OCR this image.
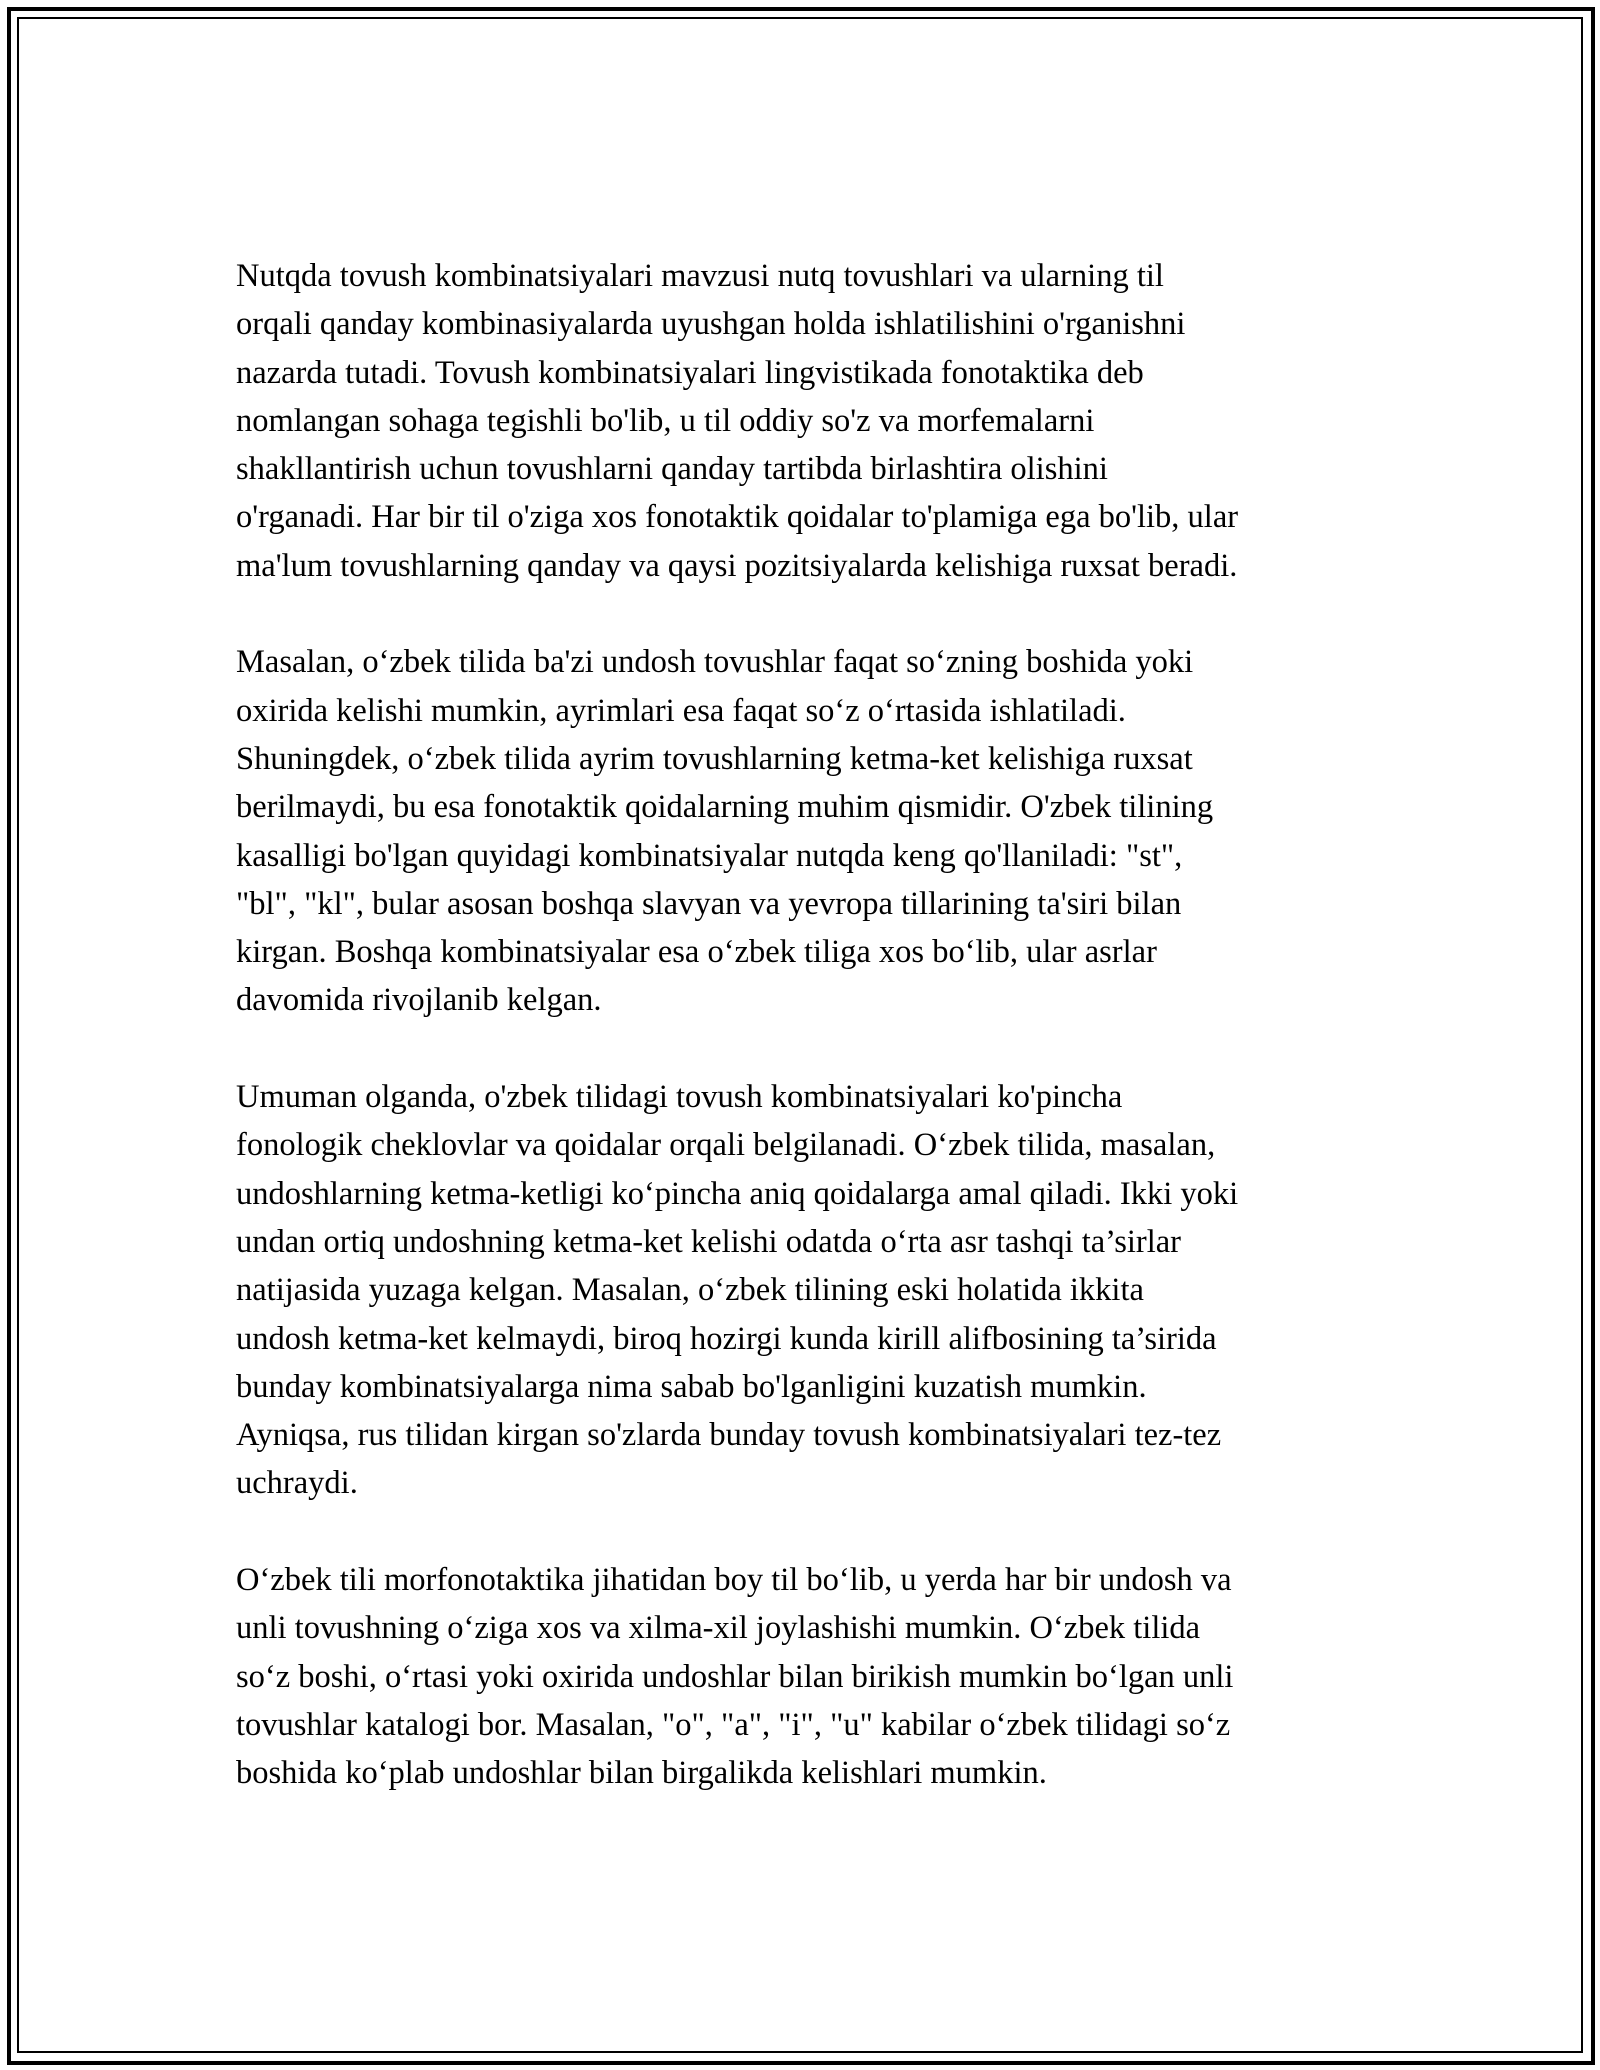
Nutqda tovush kombinatsiyalari mavzusi nutq tovushlari va ularning til
orqali qanday kombinasiyalarda uyushgan holda ishlatilishini o'rganishni
nazarda tutadi. Tovush kombinatsiyalari lingvistikada fonotaktika deb
nomlangan sohaga tegishli bo'lib, u til oddiy so'z va morfemalarni
shakllantirish uchun tovushlarni qanday tartibda birlashtira olishini
o'rganadi. Har bir til o'ziga xos fonotaktik qoidalar to'plamiga ega bo'lib, ular
ma'lum tovushlarning qanday va qaysi pozitsiyalarda kelishiga ruxsat beradi.

Masalan, o‘zbek tilida ba'zi undosh tovushlar faqat so‘zning boshida yoki
oxirida kelishi mumkin, ayrimlari esa faqat so‘z o‘rtasida ishlatiladi.
Shuningdek, o‘zbek tilida ayrim tovushlarning ketma-ket kelishiga ruxsat
berilmaydi, bu esa fonotaktik qoidalarning muhim qismidir. O'zbek tilining
kasalligi bo'lgan quyidagi kombinatsiyalar nutqda keng qo'llaniladi: "st",
"bl", "kl", bular asosan boshqa slavyan va yevropa tillarining ta'siri bilan
kirgan. Boshqa kombinatsiyalar esa o‘zbek tiliga xos bo‘lib, ular asrlar
davomida rivojlanib kelgan.

Umuman olganda, o'zbek tilidagi tovush kombinatsiyalari ko'pincha
fonologik cheklovlar va qoidalar orqali belgilanadi. O‘zbek tilida, masalan,
undoshlarning ketma-ketligi ko‘pincha aniq qoidalarga amal qiladi. Ikki yoki
undan ortiq undoshning ketma-ket kelishi odatda o‘rta asr tashqi ta’sirlar
natijasida yuzaga kelgan. Masalan, o‘zbek tilining eski holatida ikkita
undosh ketma-ket kelmaydi, biroq hozirgi kunda kirill alifbosining ta’sirida
bunday kombinatsiyalarga nima sabab bo'lganligini kuzatish mumkin.
Ayniqsa, rus tilidan kirgan so'zlarda bunday tovush kombinatsiyalari tez-tez
uchraydi.

O‘zbek tili morfonotaktika jihatidan boy til bo‘lib, u yerda har bir undosh va
unli tovushning o‘ziga xos va xilma-xil joylashishi mumkin. O‘zbek tilida
so‘z boshi, o‘rtasi yoki oxirida undoshlar bilan birikish mumkin bo‘lgan unli
tovushlar katalogi bor. Masalan, "o", "a", "i", "u" kabilar o‘zbek tilidagi so‘z
boshida ko‘plab undoshlar bilan birgalikda kelishlari mumkin.
